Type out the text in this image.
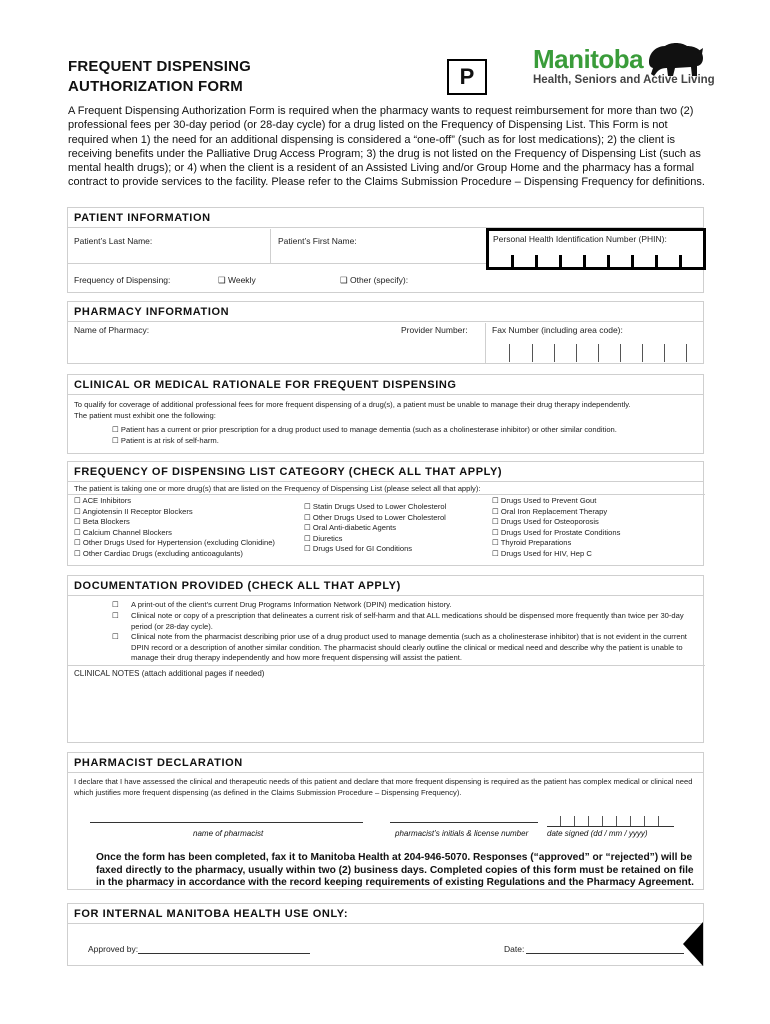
FREQUENT DISPENSING
AUTHORIZATION FORM	P
Manitoba
Health, Seniors and Active Living
A Frequent Dispensing Authorization Form is required when the pharmacy wants to request reimbursement for more than two (2) professional fees per 30-day period (or 28-day cycle) for a drug listed on the Frequency of Dispensing List. This Form is not required when 1) the need for an additional dispensing is considered a “one-off” (such as for lost medications); 2) the client is receiving benefits under the Palliative Drug Access Program; 3) the drug is not listed on the Frequency of Dispensing List (such as mental health drugs); or 4) when the client is a resident of an Assisted Living and/or Group Home and the pharmacy has a formal contract to provide services to the facility. Please refer to the Claims Submission Procedure – Dispensing Frequency for definitions.
PATIENT INFORMATION
Patient’s Last Name:	Patient’s First Name:
Frequency of Dispensing:	❑ Weekly	❑ Other (specify):
Personal Health Identification Number (PHIN):
PHARMACY INFORMATION
Name of Pharmacy:	Provider Number:	Fax Number (including area code):
CLINICAL OR MEDICAL RATIONALE FOR FREQUENT DISPENSING
To qualify for coverage of additional professional fees for more frequent dispensing of a drug(s), a patient must be unable to manage their drug therapy independently.
The patient must exhibit one the following:
☐ Patient has a current or prior prescription for a drug product used to manage dementia (such as a cholinesterase inhibitor) or other similar condition.
☐ Patient is at risk of self-harm.
FREQUENCY OF DISPENSING LIST CATEGORY (CHECK ALL THAT APPLY)
The patient is taking one or more drug(s) that are listed on the Frequency of Dispensing List (please select all that apply):
☐ ACE Inhibitors
☐ Angiotensin II Receptor Blockers
☐ Beta Blockers
☐ Calcium Channel Blockers
☐ Other Drugs Used for Hypertension (excluding Clonidine)
☐ Other Cardiac Drugs (excluding anticoagulants)
☐ Statin Drugs Used to Lower Cholesterol
☐ Other Drugs Used to Lower Cholesterol
☐ Oral Anti-diabetic Agents
☐ Diuretics
☐ Drugs Used for GI Conditions
☐ Drugs Used to Prevent Gout
☐ Oral Iron Replacement Therapy
☐ Drugs Used for Osteoporosis
☐ Drugs Used for Prostate Conditions
☐ Thyroid Preparations
☐ Drugs Used for HIV, Hep C
DOCUMENTATION PROVIDED (CHECK ALL THAT APPLY)
☐ A print-out of the client’s current Drug Programs Information Network (DPIN) medication history.
☐ Clinical note or copy of a prescription that delineates a current risk of self-harm and that ALL medications should be dispensed more frequently than twice per 30-day period (or 28-day cycle).
☐ Clinical note from the pharmacist describing prior use of a drug product used to manage dementia (such as a cholinesterase inhibitor) that is not evident in the current DPIN record or a description of another similar condition. The pharmacist should clearly outline the clinical or medical need and describe why the patient is unable to manage their drug therapy independently and how more frequent dispensing will assist the patient.
CLINICAL NOTES (attach additional pages if needed)
PHARMACIST DECLARATION
I declare that I have assessed the clinical and therapeutic needs of this patient and declare that more frequent dispensing is required as the patient has complex medical or clinical need which justifies more frequent dispensing (as defined in the Claims Submission Procedure – Dispensing Frequency).
name of pharmacist	pharmacist’s initials & license number date signed (dd / mm / yyyy)
Once the form has been completed, fax it to Manitoba Health at 204-946-5070. Responses (“approved” or “rejected”) will be faxed directly to the pharmacy, usually within two (2) business days. Completed copies of this form must be retained on file in the pharmacy in accordance with the record keeping requirements of existing Regulations and the Pharmacy Agreement.
FOR INTERNAL MANITOBA HEALTH USE ONLY:
Approved by:	Date:
